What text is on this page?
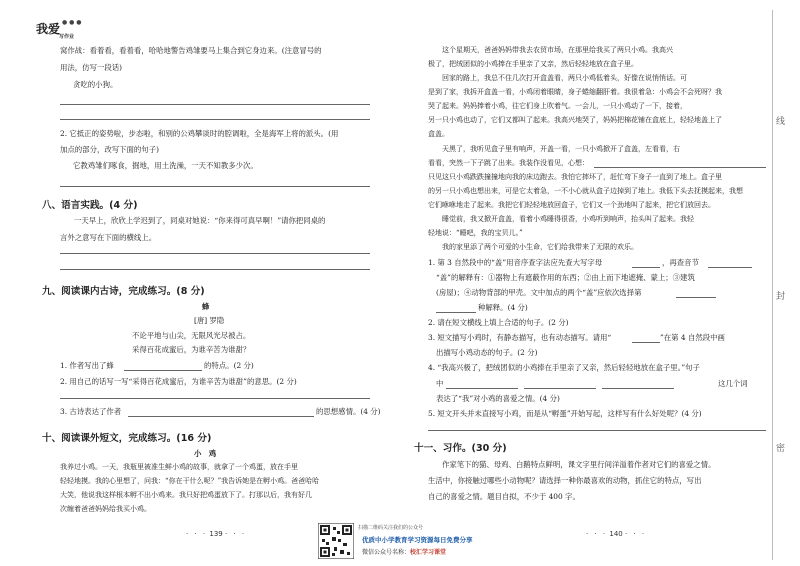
我爱 ● ● ●
写作业
窝作战：看着看，看着看，哈哈地警告鸡雏要马上集合到它身边来。(注意冒号的
用法，仿写一段话)
贪吃的小狗。
2. 它抵正的姿势啦，步态啦，和别的公鸡攀谈时的腔调啦，全是海军上将的派头。(用
加点的部分，改写下面的句子)
它教鸡雏们啄食，掘地，用土洗澡，一天不知教多少次。
八、语言实践。(4 分)
一天早上，欣欣上学迟到了，同桌对她说：“你来得可真早啊！”请你把同桌的
言外之意写在下面的横线上。
九、阅读课内古诗，完成练习。(8 分)
蜂
[唐] 罗隐
不论平地与山尖，无限风光尽被占。
采得百花成蜜后，为谁辛苦为谁甜？
1. 作者写出了蜂	的特点。(2 分)
2. 用自己的话写一写“采得百花成蜜后，为谁辛苦为谁甜”的意思。(2 分)
3. 古诗表达了作者	的思想感情。(4 分)
十、阅读课外短文，完成练习。(16 分)
小　鸡
我养过小鸡。一天，我瓶里被准生鲜小鸡的故事，就拿了一个鸡蛋，放在手里
轻轻地摸。我的心里想了，问我：“你在干什么呢？”我告诉她是在孵小鸡。爸爸哈哈
大笑，他说我这样根本孵不出小鸡来。我只好把鸡蛋放下了。打那以后，我有好几
次缠着爸爸妈妈给我买小鸡。
· · · 139 · · ·
扫描二维码关注我们的公众号
优质中小学教育学习资源每日免费分享
微信公众号名称：校汇学习课堂
这个星期天，爸爸妈妈带我去农贸市场，在那里给我买了两只小鸡。我高兴
极了，把绒团似的小鸡捧在手里亲了又亲，然后轻轻地放在盒子里。
回家的路上，我总不住几次打开盒盖看，两只小鸡低着头，好像在说悄悄话。可
是到了家，我拆开盒盖一看，小鸡闭着眼睛，身子蜷缩翻肝着。我很着急：小鸡会不会死呀？我
哭了起来。妈妈捧着小鸡，往它们身上吹着气。一会儿，一只小鸡动了一下，接着，
另一只小鸡也动了，它们又都叫了起来。我高兴地哭了，妈妈把棉花铺在盒底上，轻轻地盖上了
盒盖。
天黑了，我听见盒子里有响声，开盖一看，一只小鸡掀开了盒盖，左看看，右
看看，突然一下子跳了出来。我装作没看见，心想：
只见这只小鸡跌跌撞撞地向我的床边跑去。我怕它摔坏了，赶忙弯下身子一直到了地上。盒子里
的另一只小鸡也想出来，可是它太着急，一不小心就从盒子边掉到了地上。我低下头去抚摸起来，我想
它们咻咻地走了起来。我把它们轻轻地放回盒子，它们又一个劲地叫了起来，把它们放回去。
睡觉前，我又掀开盒盖，看着小鸡睡得很香，小鸡听到响声，抬头叫了起来。我轻
轻地说：“睡吧，我的宝贝儿。”
我的家里添了两个可爱的小生命，它们给我带来了无限的欢乐。
1. 第 3 自然段中的“盖”用音序查字法应先查大写字母	，再查音节
“盖”的解释有：①器物上有遮蔽作用的东西；②由上而下地遮掩、蒙上；③建筑
(房屋)；④动物背部的甲壳。文中加点的两个“盖”应依次选择第
种解释。(4 分)
2. 请在短文横线上填上合适的句子。(2 分)
3. 短文描写小鸡时，有静态描写，也有动态描写。请用“	”在第 4 自然段中画
出描写小鸡动态的句子。(2 分)
4. “我高兴极了，把绒团似的小鸡捧在手里亲了又亲，然后轻轻地放在盒子里。”句子
中	这几个词
表达了“我”对小鸡的喜爱之情。(4 分)
5. 短文开头并未直接写小鸡，而是从“孵蛋”开始写起，这样写有什么好处呢？(4 分)
十一、习作。(30 分)
作家笔下的猫、母鸡、白鹅特点鲜明，课文字里行间洋溢着作者对它们的喜爱之情。
生活中，你接触过哪些小动物呢？请选择一种你最喜欢的动物，抓住它的特点，写出
自己的喜爱之情。题目自拟，不少于 400 字。
· · · 140 · · ·
线
封
密
